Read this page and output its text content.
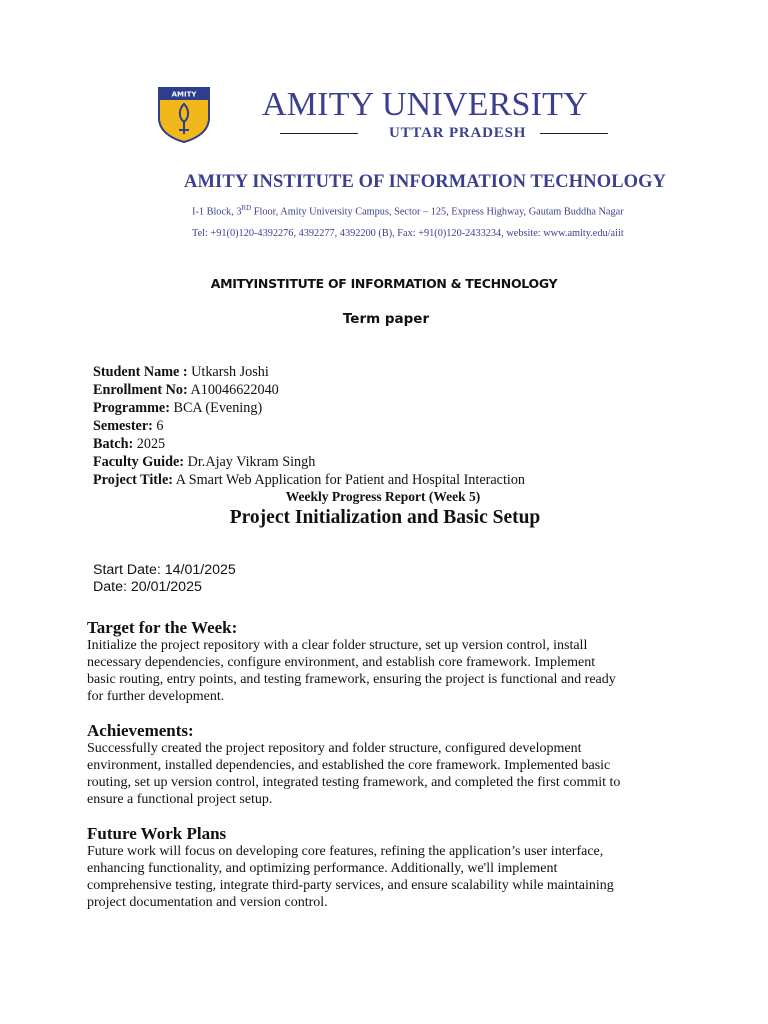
AMITY AMITY UNIVERSITY
UTTAR PRADESH
AMITY INSTITUTE OF INFORMATION TECHNOLOGY
I-1 Block, 3RD Floor, Amity University Campus, Sector – 125, Express Highway, Gautam Buddha Nagar
Tel: +91(0)120-4392276, 4392277, 4392200 (B), Fax: +91(0)120-2433234, website: www.amity.edu/aiit
AMITYINSTITUTE OF INFORMATION & TECHNOLOGY
Term paper
Student Name : Utkarsh Joshi
Enrollment No: A10046622040
Programme: BCA (Evening)
Semester: 6
Batch: 2025
Faculty Guide: Dr.Ajay Vikram Singh
Project Title: A Smart Web Application for Patient and Hospital Interaction
Weekly Progress Report (Week 5)
Project Initialization and Basic Setup
Start Date: 14/01/2025
Date: 20/01/2025
Target for the Week:
Initialize the project repository with a clear folder structure, set up version control, install
necessary dependencies, configure environment, and establish core framework. Implement
basic routing, entry points, and testing framework, ensuring the project is functional and ready
for further development.
Achievements:
Successfully created the project repository and folder structure, configured development
environment, installed dependencies, and established the core framework. Implemented basic
routing, set up version control, integrated testing framework, and completed the first commit to
ensure a functional project setup.
Future Work Plans
Future work will focus on developing core features, refining the application’s user interface,
enhancing functionality, and optimizing performance. Additionally, we'll implement
comprehensive testing, integrate third-party services, and ensure scalability while maintaining
project documentation and version control.
